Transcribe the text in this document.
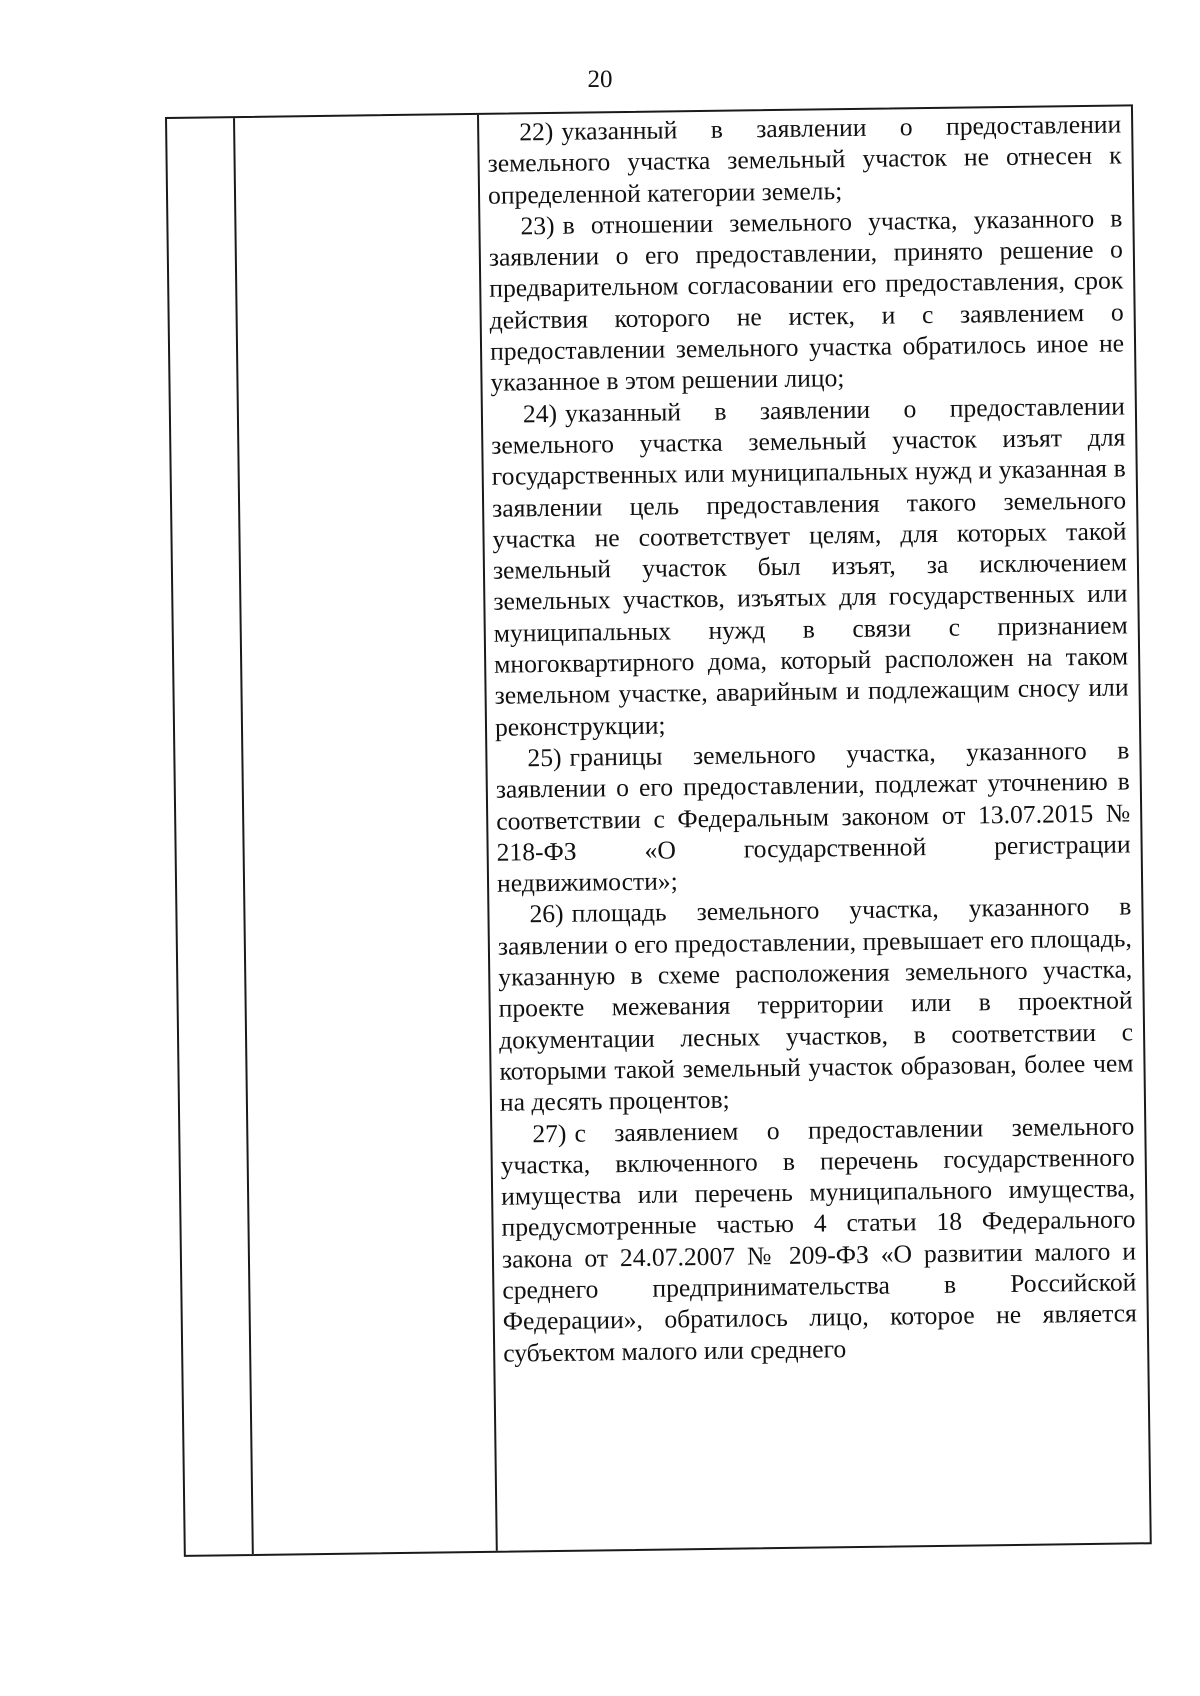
20

22) указанный в заявлении о предоставлении земельного участка земельный участок не отнесен к определенной категории земель;

23) в отношении земельного участка, указанного в заявлении о его предоставлении, принято решение о предварительном согласовании его предоставления, срок действия которого не истек, и с заявлением о предоставлении земельного участка обратилось иное не указанное в этом решении лицо;

24) указанный в заявлении о предоставлении земельного участка земельный участок изъят для государственных или муниципальных нужд и указанная в заявлении цель предоставления такого земельного участка не соответствует целям, для которых такой земельный участок был изъят, за исключением земельных участков, изъятых для государственных или муниципальных нужд в связи с признанием многоквартирного дома, который расположен на таком земельном участке, аварийным и подлежащим сносу или реконструкции;

25) границы земельного участка, указанного в заявлении о его предоставлении, подлежат уточнению в соответствии с Федеральным законом от 13.07.2015 № 218-ФЗ «О государственной регистрации недвижимости»;

26) площадь земельного участка, указанного в заявлении о его предоставлении, превышает его площадь, указанную в схеме расположения земельного участка, проекте межевания территории или в проектной документации лесных участков, в соответствии с которыми такой земельный участок образован, более чем на десять процентов;

27) с заявлением о предоставлении земельного участка, включенного в перечень государственного имущества или перечень муниципального имущества, предусмотренные частью 4 статьи 18 Федерального закона от 24.07.2007 № 209-ФЗ «О развитии малого и среднего предпринимательства в Российской Федерации», обратилось лицо, которое не является субъектом малого или среднего
